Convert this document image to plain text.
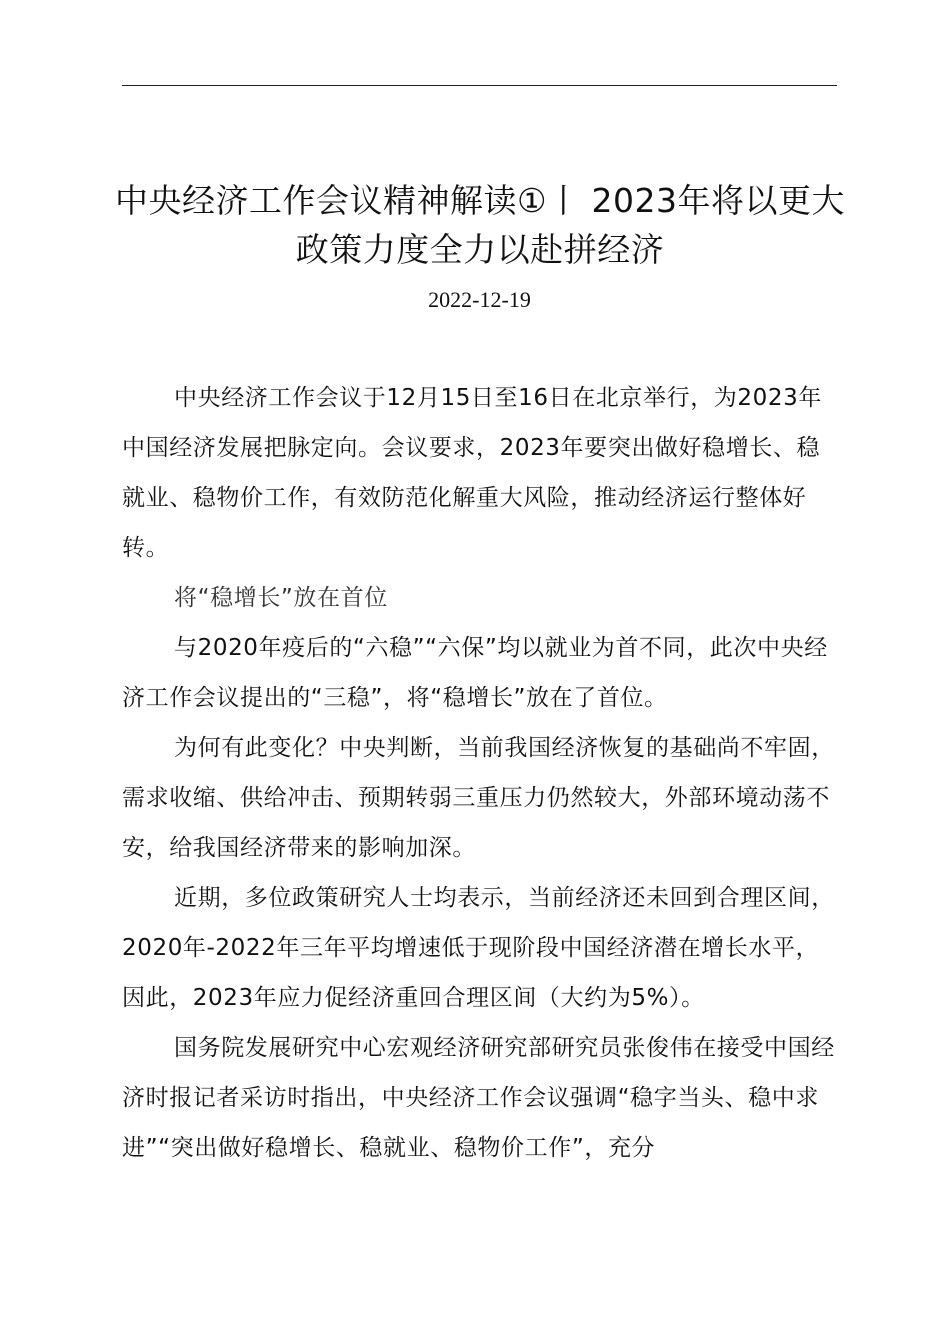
中央经济工作会议精神解读①丨 2023年将以更大政策力度全力以赴拼经济
2022-12-19

中央经济工作会议于12月15日至16日在北京举行，为2023年中国经济发展把脉定向。会议要求，2023年要突出做好稳增长、稳就业、稳物价工作，有效防范化解重大风险，推动经济运行整体好转。

将“稳增长”放在首位

与2020年疫后的“六稳”“六保”均以就业为首不同，此次中央经济工作会议提出的“三稳”，将“稳增长”放在了首位。

为何有此变化？中央判断，当前我国经济恢复的基础尚不牢固，需求收缩、供给冲击、预期转弱三重压力仍然较大，外部环境动荡不安，给我国经济带来的影响加深。

近期，多位政策研究人士均表示，当前经济还未回到合理区间，2020年-2022年三年平均增速低于现阶段中国经济潜在增长水平，因此，2023年应力促经济重回合理区间（大约为5%）。

国务院发展研究中心宏观经济研究部研究员张俊伟在接受中国经济时报记者采访时指出，中央经济工作会议强调“稳字当头、稳中求进”“突出做好稳增长、稳就业、稳物价工作”，充分
